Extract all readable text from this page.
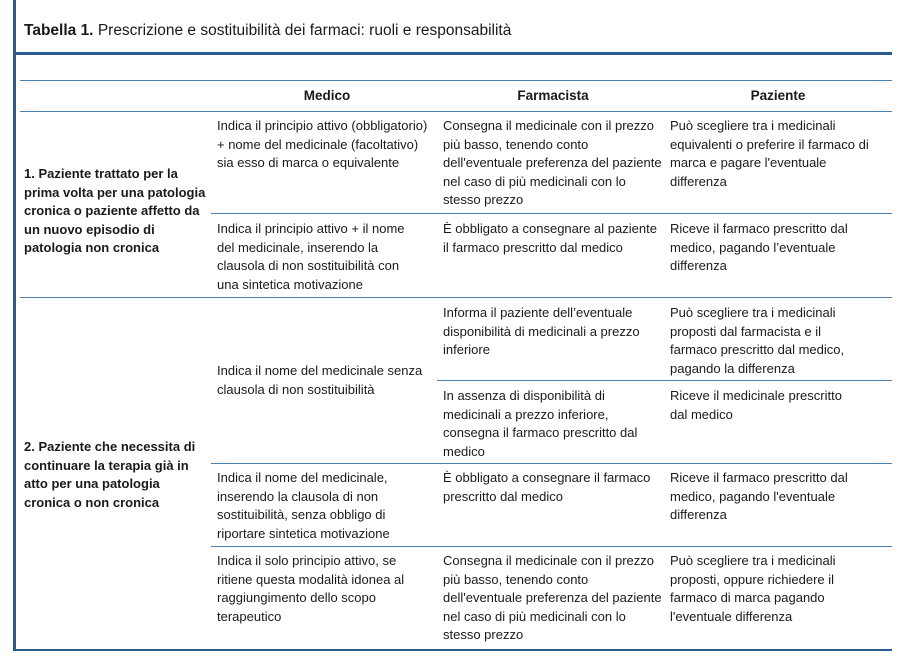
Tabella 1. Prescrizione e sostituibilità dei farmaci: ruoli e responsabilità
Medico	Farmacista	Paziente
1. Paziente trattato per la prima volta per una patologia cronica o paziente affetto da un nuovo episodio di patologia non cronica
Indica il principio attivo (obbligatorio) + nome del medicinale (facoltativo) sia esso di marca o equivalente
Consegna il medicinale con il prezzo più basso, tenendo conto dell'eventuale preferenza del paziente nel caso di più medicinali con lo stesso prezzo
Può scegliere tra i medicinali equivalenti o preferire il farmaco di marca e pagare l'eventuale differenza
Indica il principio attivo + il nome del medicinale, inserendo la clausola di non sostituibilità con una sintetica motivazione
È obbligato a consegnare al paziente il farmaco prescritto dal medico
Riceve il farmaco prescritto dal medico, pagando l’eventuale differenza
2. Paziente che necessita di continuare la terapia già in atto per una patologia cronica o non cronica
Indica il nome del medicinale senza clausola di non sostituibilità
Informa il paziente dell’eventuale disponibilità di medicinali a prezzo inferiore
Può scegliere tra i medicinali proposti dal farmacista e il farmaco prescritto dal medico, pagando la differenza
In assenza di disponibilità di medicinali a prezzo inferiore, consegna il farmaco prescritto dal medico
Riceve il medicinale prescritto dal medico
Indica il nome del medicinale, inserendo la clausola di non sostituibilità, senza obbligo di riportare sintetica motivazione
È obbligato a consegnare il farmaco prescritto dal medico
Riceve il farmaco prescritto dal medico, pagando l'eventuale differenza
Indica il solo principio attivo, se ritiene questa modalità idonea al raggiungimento dello scopo terapeutico
Consegna il medicinale con il prezzo più basso, tenendo conto dell'eventuale preferenza del paziente nel caso di più medicinali con lo stesso prezzo
Può scegliere tra i medicinali proposti, oppure richiedere il farmaco di marca pagando l'eventuale differenza
